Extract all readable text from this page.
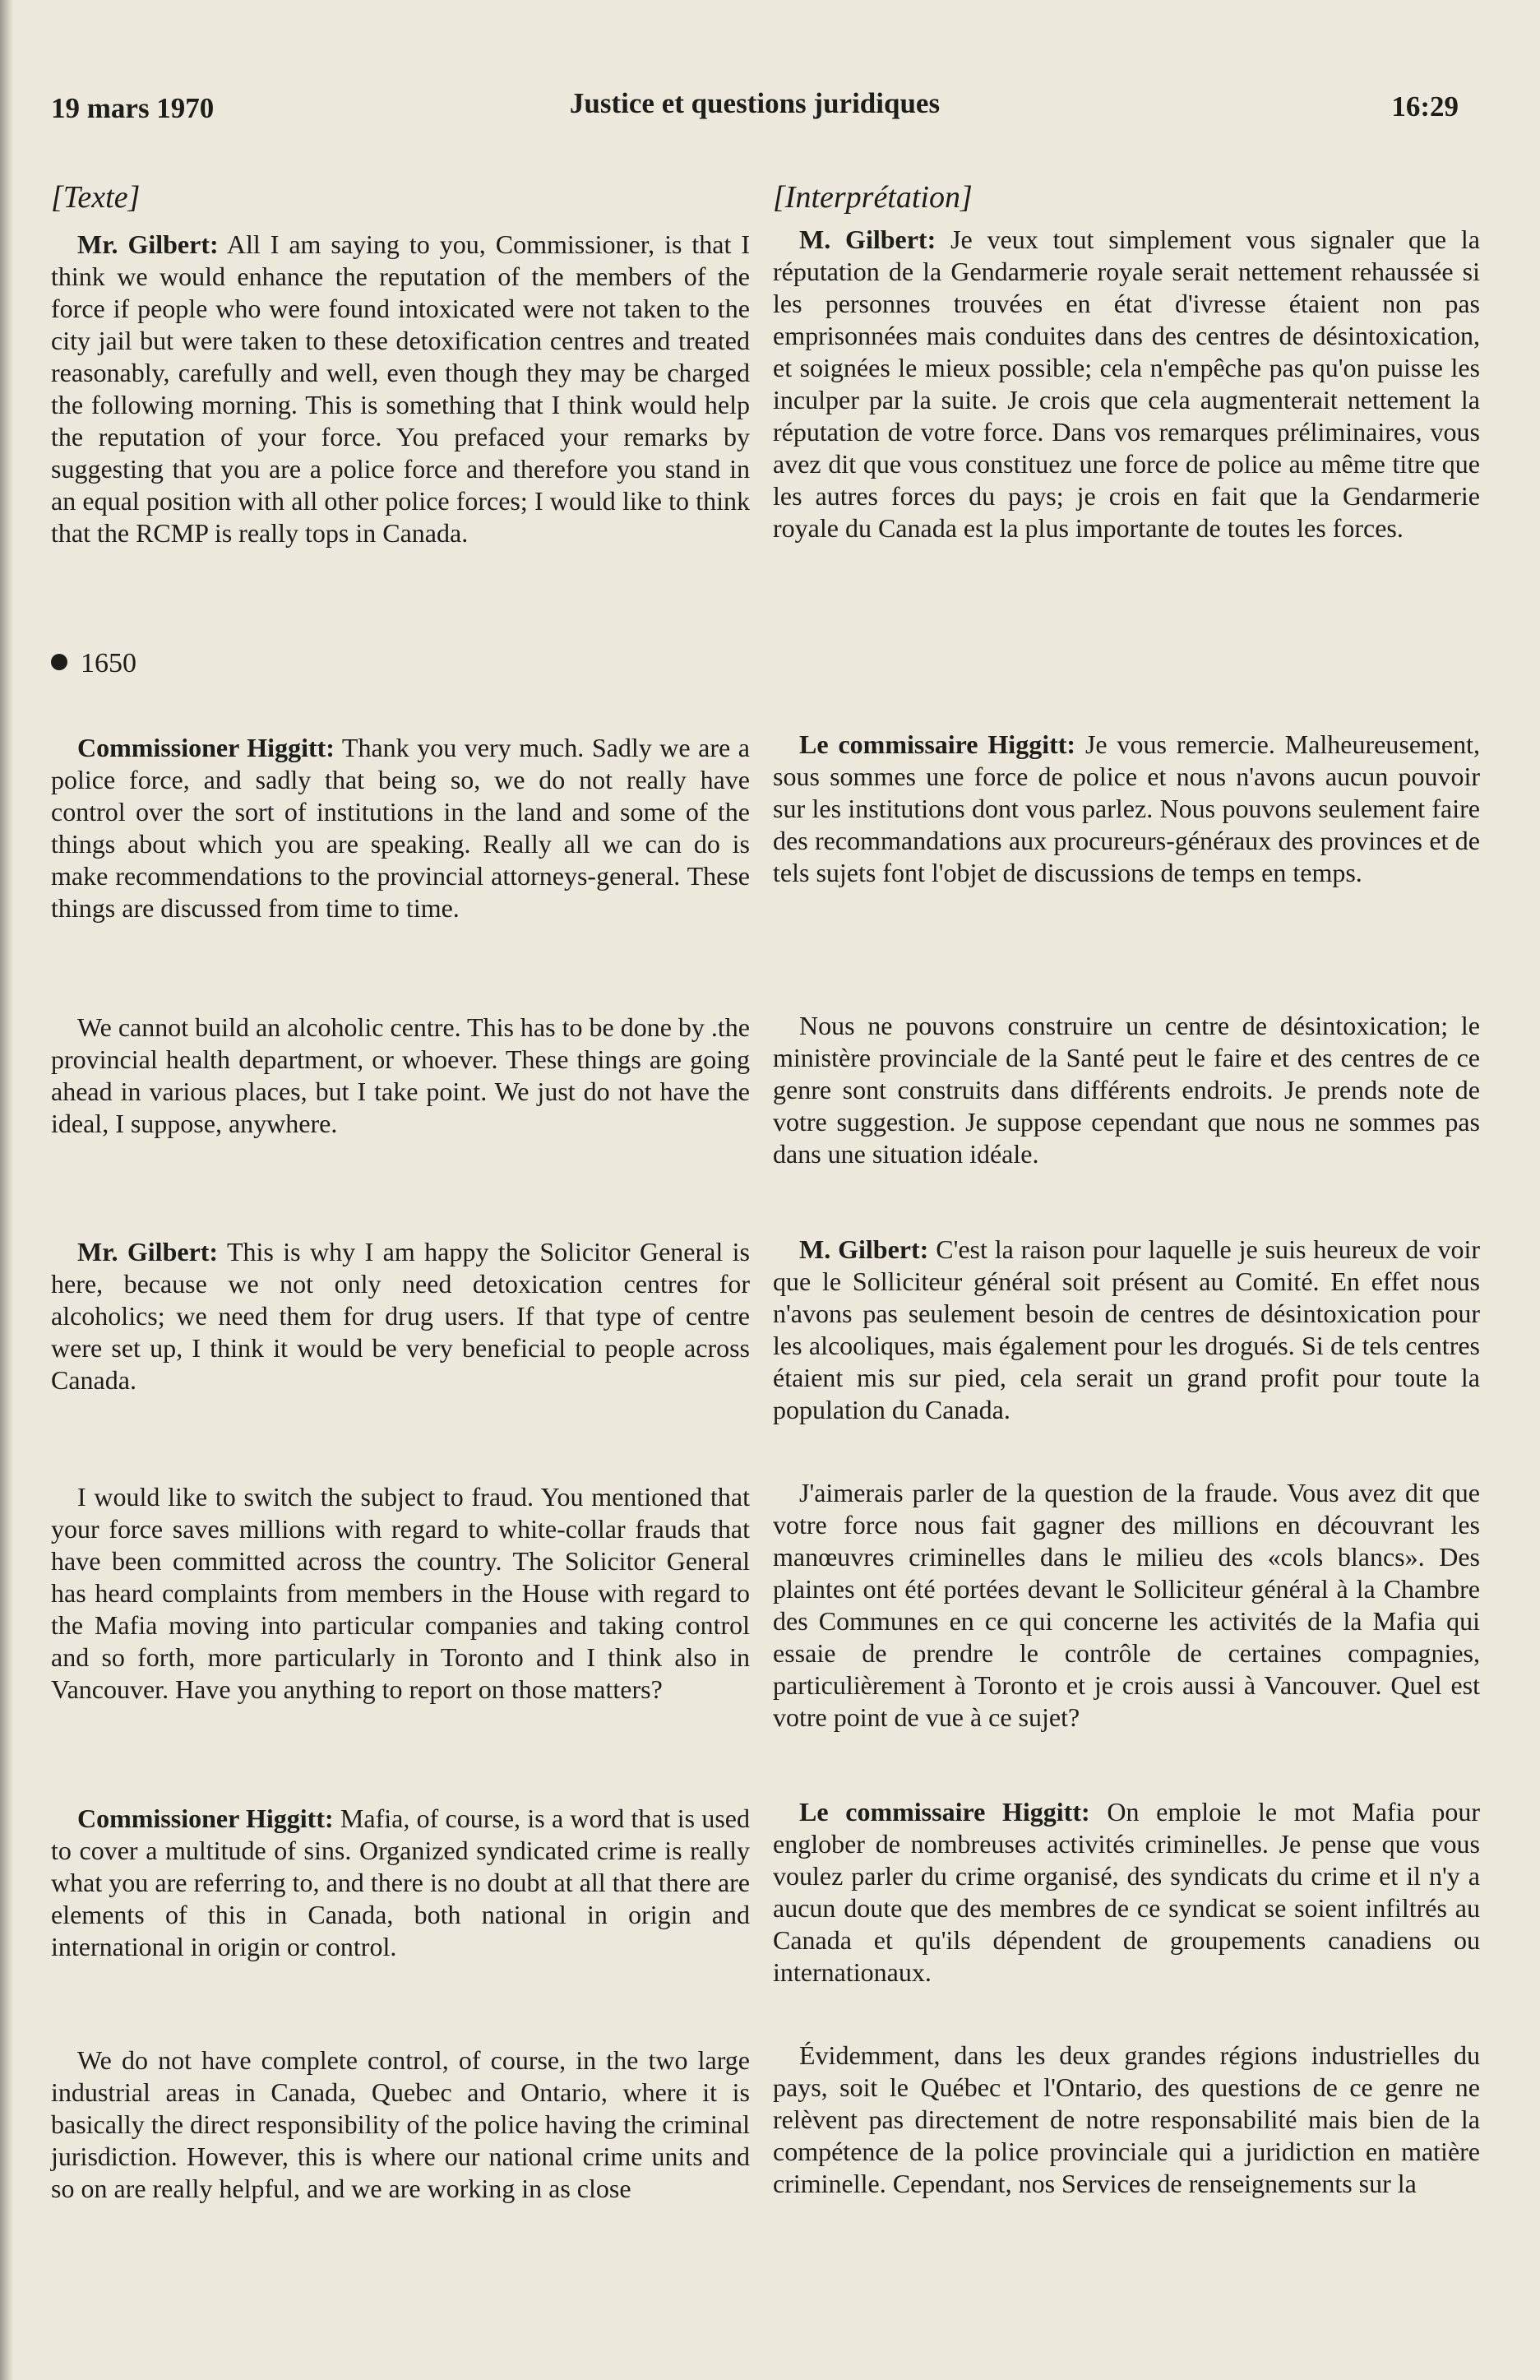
19 mars 1970	Justice et questions juridiques	16:29
[Texte]

Mr. Gilbert: All I am saying to you, Commissioner, is that I think we would enhance the reputation of the members of the force if people who were found intoxicated were not taken to the city jail but were taken to these detoxification centres and treated reasonably, carefully and well, even though they may be charged the following morning. This is something that I think would help the reputation of your force. You prefaced your remarks by suggesting that you are a police force and therefore you stand in an equal position with all other police forces; I would like to think that the RCMP is really tops in Canada.

1650

Commissioner Higgitt: Thank you very much. Sadly we are a police force, and sadly that being so, we do not really have control over the sort of institutions in the land and some of the things about which you are speaking. Really all we can do is make recommendations to the provincial attorneys-general. These things are discussed from time to time.

We cannot build an alcoholic centre. This has to be done by .the provincial health department, or whoever. These things are going ahead in various places, but I take point. We just do not have the ideal, I suppose, anywhere.

Mr. Gilbert: This is why I am happy the Solicitor General is here, because we not only need detoxication centres for alcoholics; we need them for drug users. If that type of centre were set up, I think it would be very beneficial to people across Canada.

I would like to switch the subject to fraud. You mentioned that your force saves millions with regard to white-collar frauds that have been committed across the country. The Solicitor General has heard complaints from members in the House with regard to the Mafia moving into particular companies and taking control and so forth, more particularly in Toronto and I think also in Vancouver. Have you anything to report on those matters?

Commissioner Higgitt: Mafia, of course, is a word that is used to cover a multitude of sins. Organized syndicated crime is really what you are referring to, and there is no doubt at all that there are elements of this in Canada, both national in origin and international in origin or control.

We do not have complete control, of course, in the two large industrial areas in Canada, Quebec and Ontario, where it is basically the direct responsibility of the police having the criminal jurisdiction. However, this is where our national crime units and so on are really helpful, and we are working in as close

[Interprétation]

M. Gilbert: Je veux tout simplement vous signaler que la réputation de la Gendarmerie royale serait nettement rehaussée si les personnes trouvées en état d'ivresse étaient non pas emprisonnées mais conduites dans des centres de désintoxication, et soignées le mieux possible; cela n'empêche pas qu'on puisse les inculper par la suite. Je crois que cela augmenterait nettement la réputation de votre force. Dans vos remarques préliminaires, vous avez dit que vous constituez une force de police au même titre que les autres forces du pays; je crois en fait que la Gendarmerie royale du Canada est la plus importante de toutes les forces.

Le commissaire Higgitt: Je vous remercie. Malheureusement, sous sommes une force de police et nous n'avons aucun pouvoir sur les institutions dont vous parlez. Nous pouvons seulement faire des recommandations aux procureurs-généraux des provinces et de tels sujets font l'objet de discussions de temps en temps.

Nous ne pouvons construire un centre de désintoxication; le ministère provinciale de la Santé peut le faire et des centres de ce genre sont construits dans différents endroits. Je prends note de votre suggestion. Je suppose cependant que nous ne sommes pas dans une situation idéale.

M. Gilbert: C'est la raison pour laquelle je suis heureux de voir que le Solliciteur général soit présent au Comité. En effet nous n'avons pas seulement besoin de centres de désintoxication pour les alcooliques, mais également pour les drogués. Si de tels centres étaient mis sur pied, cela serait un grand profit pour toute la population du Canada.

J'aimerais parler de la question de la fraude. Vous avez dit que votre force nous fait gagner des millions en découvrant les manœuvres criminelles dans le milieu des «cols blancs». Des plaintes ont été portées devant le Solliciteur général à la Chambre des Communes en ce qui concerne les activités de la Mafia qui essaie de prendre le contrôle de certaines compagnies, particulièrement à Toronto et je crois aussi à Vancouver. Quel est votre point de vue à ce sujet?

Le commissaire Higgitt: On emploie le mot Mafia pour englober de nombreuses activités criminelles. Je pense que vous voulez parler du crime organisé, des syndicats du crime et il n'y a aucun doute que des membres de ce syndicat se soient infiltrés au Canada et qu'ils dépendent de groupements canadiens ou internationaux.

Évidemment, dans les deux grandes régions industrielles du pays, soit le Québec et l'Ontario, des questions de ce genre ne relèvent pas directement de notre responsabilité mais bien de la compétence de la police provinciale qui a juridiction en matière criminelle. Cependant, nos Services de renseignements sur la
